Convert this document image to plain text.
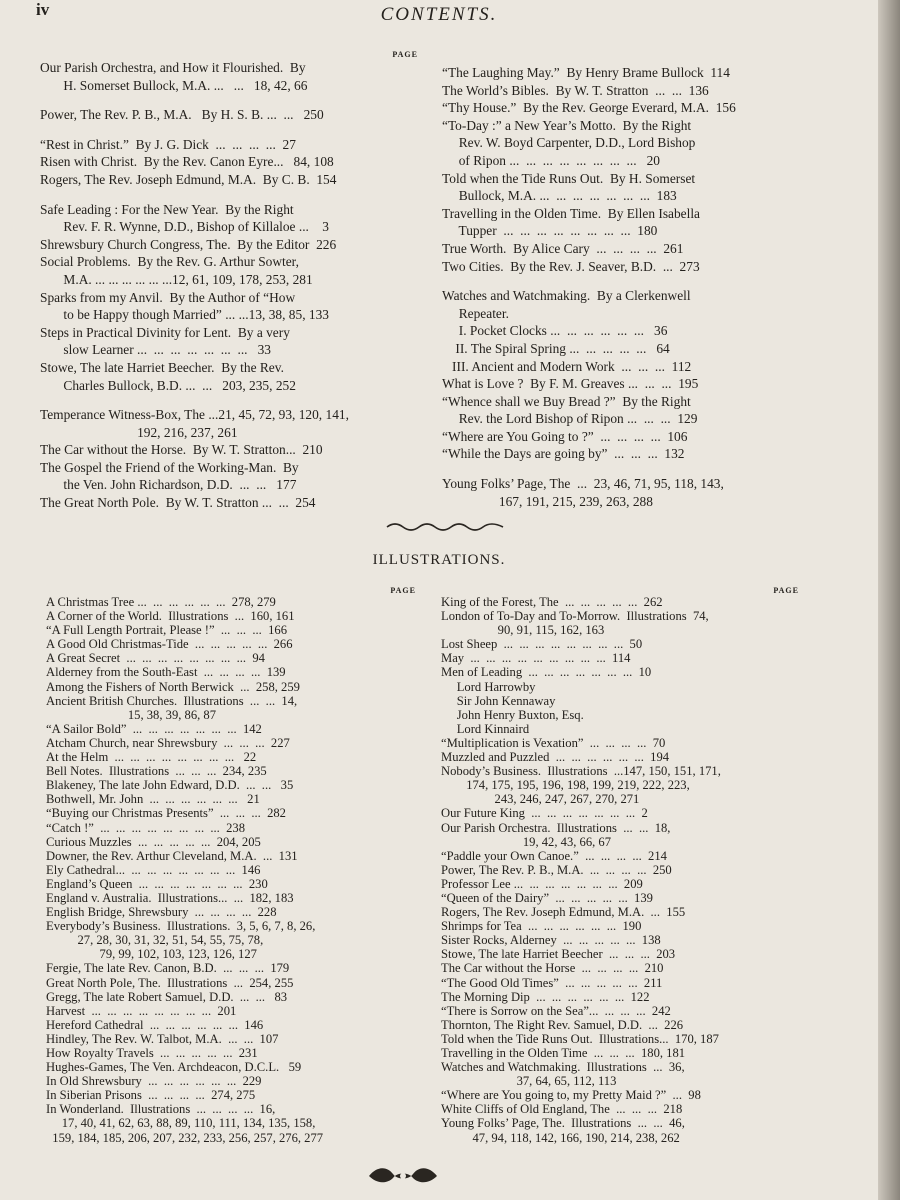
iv	CONTENTS.
PAGE
Our Parish Orchestra, and How it Flourished.  By
H. Somerset Bullock, M.A. ...   ...   18, 42, 66
Power, The Rev. P. B., M.A.   By H. S. B. ...  ...   250
“Rest in Christ.”  By J. G. Dick  ...  ...  ...  ...  27
Risen with Christ.  By the Rev. Canon Eyre...   84, 108
Rogers, The Rev. Joseph Edmund, M.A.  By C. B.  154
Safe Leading : For the New Year.  By the Right
Rev. F. R. Wynne, D.D., Bishop of Killaloe ...    3
Shrewsbury Church Congress, The.  By the Editor  226
Social Problems.  By the Rev. G. Arthur Sowter,
M.A. ... ... ... ... ... ...12, 61, 109, 178, 253, 281
Sparks from my Anvil.  By the Author of “How
to be Happy though Married” ... ...13, 38, 85, 133
Steps in Practical Divinity for Lent.  By a very
slow Learner ...  ...  ...  ...  ...  ...  ...   33
Stowe, The late Harriet Beecher.  By the Rev.
Charles Bullock, B.D. ...  ...   203, 235, 252
Temperance Witness-Box, The ...21, 45, 72, 93, 120, 141,
192, 216, 237, 261
The Car without the Horse.  By W. T. Stratton...  210
The Gospel the Friend of the Working-Man.  By
the Ven. John Richardson, D.D.  ...  ...   177
The Great North Pole.  By W. T. Stratton ...  ...  254
“The Laughing May.”  By Henry Brame Bullock  114
The World’s Bibles.  By W. T. Stratton  ...  ...  136
“Thy House.”  By the Rev. George Everard, M.A.  156
“To-Day :” a New Year’s Motto.  By the Right
Rev. W. Boyd Carpenter, D.D., Lord Bishop
of Ripon ...  ...  ...  ...  ...  ...  ...  ...   20
Told when the Tide Runs Out.  By H. Somerset
Bullock, M.A. ...  ...  ...  ...  ...  ...  ...  183
Travelling in the Olden Time.  By Ellen Isabella
Tupper  ...  ...  ...  ...  ...  ...  ...  ...  180
True Worth.  By Alice Cary  ...  ...  ...  ...  261
Two Cities.  By the Rev. J. Seaver, B.D.  ...  273
Watches and Watchmaking.  By a Clerkenwell
Repeater.
I. Pocket Clocks ...  ...  ...  ...  ...  ...   36
II. The Spiral Spring ...  ...  ...  ...  ...   64
III. Ancient and Modern Work  ...  ...  ...  112
What is Love ?  By F. M. Greaves ...  ...  ...  195
“Whence shall we Buy Bread ?”  By the Right
Rev. the Lord Bishop of Ripon ...  ...  ...  129
“Where are You Going to ?”  ...  ...  ...  ...  106
“While the Days are going by”  ...  ...  ...  132
Young Folks’ Page, The  ...  23, 46, 71, 95, 118, 143,
167, 191, 215, 239, 263, 288
ILLUSTRATIONS.
PAGE
A Christmas Tree ...  ...  ...  ...  ...  ...  278, 279
A Corner of the World.  Illustrations  ...  160, 161
“A Full Length Portrait, Please !”  ...  ...  ...  166
A Good Old Christmas-Tide  ...  ...  ...  ...  ...  266
A Great Secret  ...  ...  ...  ...  ...  ...  ...  ...  94
Alderney from the South-East  ...  ...  ...  ...  139
Among the Fishers of North Berwick  ...  258, 259
Ancient British Churches.  Illustrations  ...  ...  14,
15, 38, 39, 86, 87
“A Sailor Bold”  ...  ...  ...  ...  ...  ...  ...  142
Atcham Church, near Shrewsbury  ...  ...  ...  227
At the Helm  ...  ...  ...  ...  ...  ...  ...  ...   22
Bell Notes.  Illustrations  ...  ...  ...  234, 235
Blakeney, The late John Edward, D.D.  ...  ...   35
Bothwell, Mr. John  ...  ...  ...  ...  ...  ...   21
“Buying our Christmas Presents”  ...  ...  ...  282
“Catch !”  ...  ...  ...  ...  ...  ...  ...  ...  238
Curious Muzzles  ...  ...  ...  ...  ...  204, 205
Downer, the Rev. Arthur Cleveland, M.A.  ...  131
Ely Cathedral...  ...  ...  ...  ...  ...  ...  ...  146
England’s Queen  ...  ...  ...  ...  ...  ...  ...  230
England v. Australia.  Illustrations...  ...  182, 183
English Bridge, Shrewsbury  ...  ...  ...  ...  228
Everybody’s Business.  Illustrations.  3, 5, 6, 7, 8, 26,
27, 28, 30, 31, 32, 51, 54, 55, 75, 78,
79, 99, 102, 103, 123, 126, 127
Fergie, The late Rev. Canon, B.D.  ...  ...  ...  179
Great North Pole, The.  Illustrations  ...  254, 255
Gregg, The late Robert Samuel, D.D.  ...  ...   83
Harvest  ...  ...  ...  ...  ...  ...  ...  ...  201
Hereford Cathedral  ...  ...  ...  ...  ...  ...  146
Hindley, The Rev. W. Talbot, M.A.  ...  ...  107
How Royalty Travels  ...  ...  ...  ...  ...  231
Hughes-Games, The Ven. Archdeacon, D.C.L.   59
In Old Shrewsbury  ...  ...  ...  ...  ...  ...  229
In Siberian Prisons  ...  ...  ...  ...  274, 275
In Wonderland.  Illustrations  ...  ...  ...  ...  16,
17, 40, 41, 62, 63, 88, 89, 110, 111, 134, 135, 158,
159, 184, 185, 206, 207, 232, 233, 256, 257, 276, 277
PAGE
King of the Forest, The  ...  ...  ...  ...  ...  262
London of To-Day and To-Morrow.  Illustrations  74,
90, 91, 115, 162, 163
Lost Sheep  ...  ...  ...  ...  ...  ...  ...  ...  50
May  ...  ...  ...  ...  ...  ...  ...  ...  ...  114
Men of Leading  ...  ...  ...  ...  ...  ...  ...  10
Lord Harrowby
Sir John Kennaway
John Henry Buxton, Esq.
Lord Kinnaird
“Multiplication is Vexation”  ...  ...  ...  ...  70
Muzzled and Puzzled  ...  ...  ...  ...  ...  ...  194
Nobody’s Business.  Illustrations  ...147, 150, 151, 171,
174, 175, 195, 196, 198, 199, 219, 222, 223,
243, 246, 247, 267, 270, 271
Our Future King  ...  ...  ...  ...  ...  ...  ...  2
Our Parish Orchestra.  Illustrations  ...  ...  18,
19, 42, 43, 66, 67
“Paddle your Own Canoe.”  ...  ...  ...  ...  214
Power, The Rev. P. B., M.A.  ...  ...  ...  ...  250
Professor Lee ...  ...  ...  ...  ...  ...  ...  209
“Queen of the Dairy”  ...  ...  ...  ...  ...  139
Rogers, The Rev. Joseph Edmund, M.A.  ...  155
Shrimps for Tea  ...  ...  ...  ...  ...  ...  190
Sister Rocks, Alderney  ...  ...  ...  ...  ...  138
Stowe, The late Harriet Beecher  ...  ...  ...  203
The Car without the Horse  ...  ...  ...  ...  210
“The Good Old Times”  ...  ...  ...  ...  ...  211
The Morning Dip  ...  ...  ...  ...  ...  ...  122
“There is Sorrow on the Sea”...  ...  ...  ...  242
Thornton, The Right Rev. Samuel, D.D.  ...  226
Told when the Tide Runs Out.  Illustrations...  170, 187
Travelling in the Olden Time  ...  ...  ...  180, 181
Watches and Watchmaking.  Illustrations  ...  36,
37, 64, 65, 112, 113
“Where are You going to, my Pretty Maid ?”  ...  98
White Cliffs of Old England, The  ...  ...  ...  218
Young Folks’ Page, The.  Illustrations  ...  ...  46,
47, 94, 118, 142, 166, 190, 214, 238, 262
